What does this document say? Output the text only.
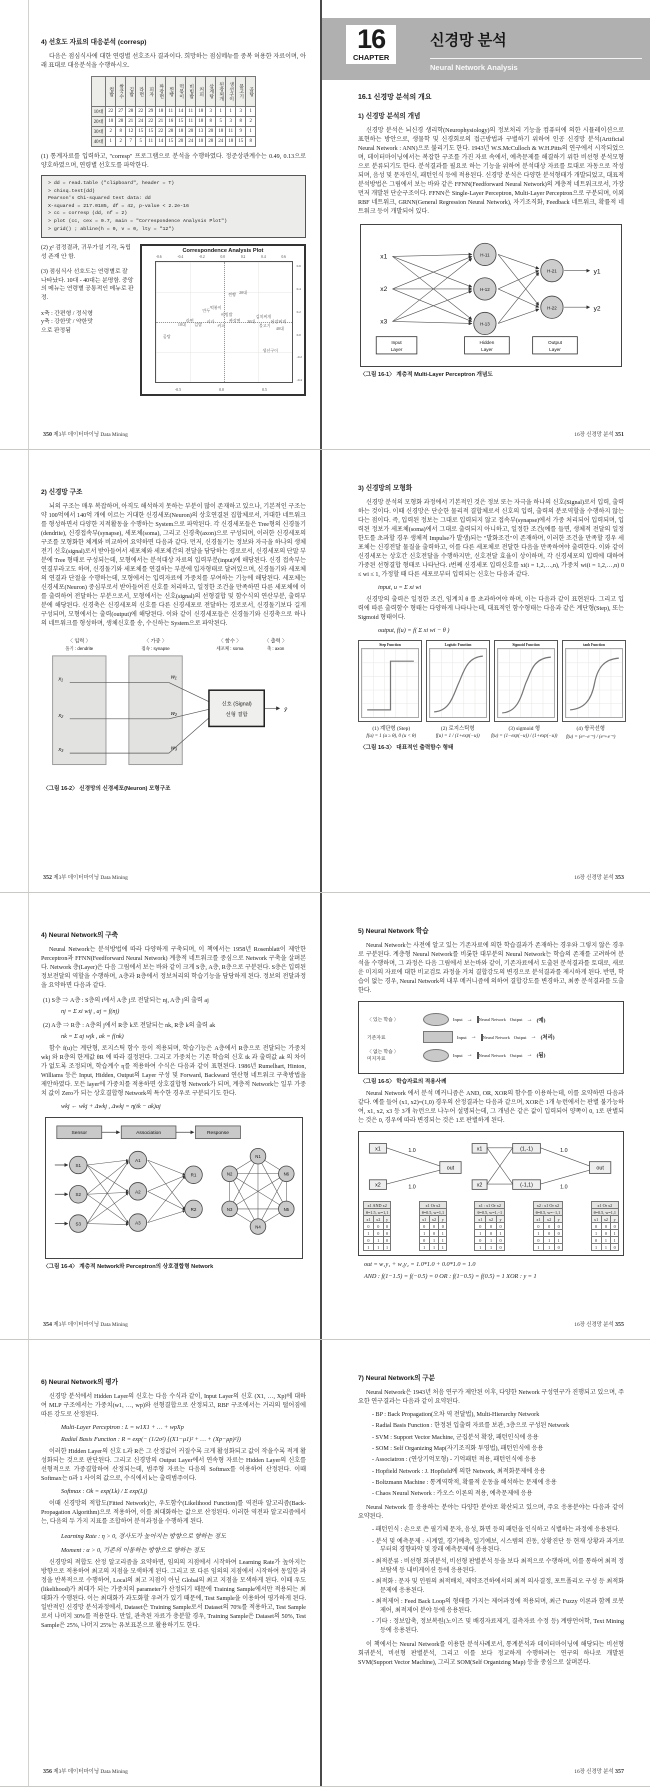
4) 선호도 자료의 대응분석 (corresp)
다음은 점심식사에 대한 연령별 선호조사 결과이다. 희망하는 점심메뉴를 중복 허용한 자료이며, 아래 표대로 대응분석을 수행하시오.
	컵밥	쌀국수	김밥	라면	피자	짜장면	찐빵	떡볶이	비빔밥	커피	삼계탕	된장찌개	생선구이	불고기	곰탕
10대	22	27	28	22	29	18	11	14	11	18	3	1	1	3	1
20대	10	28	21	24	22	21	16	15	11	18	8	5	3	8	2
30대	2	8	12	15	15	22	28	18	20	13	20	18	11	9	1
40대	1	2	7	5	11	14	15	20	24	10	28	24	18	15	8
(1) 통계자료를 입력하고, "corresp" 프로그램으로 분석을 수행하였다. 정준상관계수는 0.49, 0.13으로 양호하였으며, 연령별 선호도를 파악한다.
> dd = read.table ("clipboard", header = T)
> chisq.test(dd)
Pearson's Chi-squared test data: dd
X-squared = 217.0185, df = 42, p-value < 2.2e-16
> cc = corresp (dd, nf = 2)
> plot (cc, cex = 0.7, main = "Correspondence Analysis Plot")
> grid() ; abline(h = 0, v = 0, lty = "12")
(2) χ² 검정결과, 귀무가설 기각, 독립성 존재 안 함.
(3) 점심식사 선호도는 연령별로 잘 나타났다. 10대 - 40대는 분명함. 중앙의 메뉴는 연령별 공통적인 메뉴로 판정.
x축 : 간편형 / 정식형
y축 : 강한맛 / 약한맛
으로 판정됨
Correspondence Analysis Plot
-0.6	-0.4	-0.2	0.0	0.2	0.4	0.6
찐빵 20대
떡볶이
만두
비빔밥
라면
10대 김밥 피자
커피
짜장면 30대
김치찌개
불고기
된장찌개
40대
곰탕
생선구이
0.6
0.4
0.2
0.0
-0.2
-0.4
-0.5	0.0	0.5
350 제3부 데이터마이닝 Data Mining
16
CHAPTER
신경망 분석
Neural Network Analysis
16.1 신경망 분석의 개요
1) 신경망 분석의 개념
신경망 분석은 뇌신경 생리학(Neurophysiology)의 정보처리 기능을 컴퓨터에 의한 시뮬레이션으로 표현하는 방안으로, 생물학 및 신경회로의 접근방법과 구별하기 위하여 인공 신경망 분석(Artificial Neural Network : ANN)으로 불리기도 한다. 1943년 W.S.McCulloch & W.H.Pitts의 연구에서 시작되었으며, 데이터마이닝에서는 복잡한 구조를 가진 자료 속에서, 예측문제를 해결하기 위한 비선형 분석모형으로 분류되기도 한다. 분석결과를 필요로 하는 기능을 위하여 분석대상 자료를 토대로 자동으로 작성되며, 음성 및 문자인식, 패턴인식 등에 적용된다. 신경망 분석은 다양한 분석형태가 개발되었고, 대표적 분석방법은 그림에서 보는 바와 같은 FFNN(Feedforward Neural Network)의 계층적 네트워크로서, 가장 먼저 개발된 단순구조이다. FFNN은 Single-Layer Perceptron, Multi-Layer Perceptron으로 구분되며, 이외 RBF 네트워크, GRNN(General Regression Neural Network), 자기조직화, Feedback 네트워크, 확률적 네트워크 등이 개발되어 있다.
x1
x2
x3
y1
y2
H-11
H-12
H-13
H-21
H-22
Input
Layer
Hidden
Layer
Output
Layer
〈그림 16-1〉 계층적 Multi-Layer Perceptron 개념도
16장 신경망 분석 351
2) 신경망 구조
뇌의 구조는 매우 복잡하며, 아직도 해석하지 못하는 부분이 많이 존재하고 있으나, 기본적인 구조는 약 100억에서 140억 개에 이르는 거대한 신경세포(Neuron)의 상호연결된 집합체로서, 거대한 네트워크를 형성하면서 다양한 지적활동을 수행하는 System으로 파악된다. 각 신경세포들은 Tree형의 신경돌기(dendrite), 신경접속부(synapse), 세포체(soma), 그리고 신경축(axon)으로 구성되며, 이러한 신경세포의 구조를 모형화한 체계와 비교하여 요약하면 다음과 같다. 먼저, 신경돌기는 정보와 자극을 하나의 생체전기 신호(signal)로서 받아들여서 세포체와 세포체간의 전달을 담당하는 경로로서, 신경세포의 단말 부분에 Tree 형태로 구성되는데, 모형에서는 분석대상 자료의 입력부분(input)에 해당된다. 신경 접속부는 연결부라고도 하며, 신경돌기와 세포체를 연결하는 부분에 입자형태로 달려있으며, 신경돌기와 세포체의 연결과 단절을 수행하는데, 모형에서는 입력자료에 가중치를 부여하는 기능에 해당된다. 세포체는 신경세포(Neuron) 중심부로서 받아들여진 신호를 처리하고, 일정한 조건을 만족하면 다른 세포체에 이를 출력하여 전달하는 부분으로서, 모형에서는 신호(signal)의 선형결합 및 함수식의 연산부분, 출력부분에 해당된다. 신경축은 신경세포의 신호를 다른 신경세포로 전달하는 경로로서, 신경돌기보다 길게 구성되며, 모형에서는 출력(output)에 해당된다. 이와 같이 신경세포들은 신경돌기와 신경축으로 하나의 네트워크를 형성하며, 생체신호를 송, 수신하는 System으로 파악된다.
〈 입력 〉
돌기 : dendrite
〈 가중 〉
접속 : synapse
〈 함수 〉
세포체 : soma
〈 출력 〉
축 : axon
x₁
x₂
x₃
w₁
w₂
w₃
ŷ
신호 (Signal)
선형 결합
〈그림 16-2〉 신경망의 신경세포(Neuron) 모형구조
352 제3부 데이터마이닝 Data Mining
3) 신경망의 모형화
신경망 분석의 모형화 과정에서 기본적인 것은 정보 또는 자극을 하나의 신호(Signal)로서 입력, 출력하는 것이다. 이때 신경망은 단순한 물리적 결합체로서 신호의 입력, 출력의 분로역할을 수행하지 않는다는 점이다. 즉, 입력된 정보는 그대로 입력되지 않고 접속부(synapse)에서 가중 처리되어 입력되며, 입력된 정보가 세포체(soma)에서 그대로 출력되지 아니하고, 일정한 조건(예를 들면, 생체적 전달의 일정 한도를 초과할 경우 생체적 Impulse가 발생)되는 "발화조건"이 존재하며, 이러한 조건을 만족할 경우 세포체는 신경전달 물질을 출력하고, 이를 다른 세포체로 전달한 다음을 만족하여야 출력한다. 이와 같이 신경세포는 상호간 신호전달을 수행하지만, 신호전달 효율이 상이하며, 각 신경세포의 입력에 대하여 가중된 선형결합 형태로 나타난다. i번째 신경세포 입력신호를 xi(i = 1,2,…,n), 가중치 wi(i = 1,2,…,n) 0 ≤ wi ≤ 1, 가정할 때 다른 세포로부터 입력되는 신호는 다음과 같다.
input, u = Σ xi wi
신경망의 출력은 일정한 조건, 임계치 θ 를 초과하여야 하며, 이는 다음과 같이 표현된다. 그리고 입력에 따른 출력함수 형태는 다양하게 나타나는데, 대표적인 함수형태는 다음과 같은 계단형(Step), 또는 Sigmoid 형태이다.
output, f(u) = f( Σ xi wi − θ )
Step Function	Logistic Function	Sigmoid Function	tanh Function
(1) 계단형 (Step)	(2) 로지스틱형	(3) sigmoid 형	(4) 쌍곡선형
f(u) = 1 (u ≥ θ), 0 (u < θ)	f(u) = 1 / (1+exp(−u))	f(u) = (1−exp(−u)) / (1+exp(−u))	f(u) = (eᵘ−e⁻ᵘ) / (eᵘ+e⁻ᵘ)
〈그림 16-3〉 대표적인 출력함수 형태
16장 신경망 분석 353
4) Neural Network의 구축
Neural Network는 분석방법에 따라 다양하게 구축되며, 이 책에서는 1958년 Rosenblatt이 제안한 Perceptron과 FFNN(Feedforward Neural Network) 계층적 네트워크를 중심으로 Network 구축을 살펴본다. Network 층(Layer)은 다음 그림에서 보는 바와 같이 크게 S층, A층, R층으로 구분된다. S층은 입력된 정보전달의 역할을 수행하며, A층과 R층에서 정보처리의 학습기능을 담당하게 된다. 정보의 전달과정을 요약하면 다음과 같다.
(1) S층 ⇒ A층 : S층의 i에서 A층 j로 전달되는 nj, A층 j의 출력 aj
nj = Σ xi wij , aj = f(nj)
(2) A층 ⇒ R층 : A층의 j에서 R층 k로 전달되는 nk, R층 k의 출력 ak
nk = Σ aj wjk , ak = f(nk)
함수 f(u)는 계단형, 로지스틱 함수 등이 적용되며, 학습기능은 A층에서 R층으로 전달되는 가중치 wkj 와 R층의 한계값 θR 에 따라 결정된다. 그리고 가중치는 기존 학습의 신호 tk 과 출력값 ak 의 차이가 없도록 조정되며, 학습계수 η를 적용하여 수식은 다음과 같이 표현된다. 1986년 Rumelhart, Hinton, Williams 등은 Input, Hidden, Output의 Layer 구성 및 Forward, Backward 연산형 네트워크 구축방법을 제안하였다. 모든 layer에 가중치를 적용하면 상호결합형 Network가 되며, 계층적 Network는 일부 가중치 값이 Zero가 되는 상호결합형 Network의 특수한 경우로 구분되기도 한다.
wkj ← wkj + Δwkj , Δwkj = η(tk − ak)aj
Sensor	Association	Response
S1
S2
S3
A1
A2
A3
R1
R2
N1
N2
N3
N4
N5
N6
〈그림 16-4〉 계층적 Network와 Perceptron의 상호결합형 Network
354 제3부 데이터마이닝 Data Mining
5) Neural Network 학습
Neural Network는 사전에 알고 있는 기존자료에 의한 학습결과가 존재하는 경우와 그렇지 않은 경우로 구분된다. 계층형 Neural Network를 비롯한 대부분의 Neural Network는 학습의 존재를 고려하여 분석을 수행하며, 그 과정은 다음 그림에서 보는바와 같이, 기존자료에서 도출된 분석결과를 토대로, 새로운 미지의 자료에 대한 비교검토 과정을 거쳐 결합강도의 변경으로 분석결과를 제시하게 된다. 반면, 학습이 없는 경우, Neural Network의 내부 메커니즘에 의하여 결합강도를 변경하고, 최종 분석결과를 도출한다.
〈 있는 학습 〉	Input →	Neural Network Output → (예)
기존자료	Input →	Neural Network Output → (처리)
〈 없는 학습 〉
미지자료
Input →	Neural Network Output → (됨)
〈그림 16-5〉 학습자료의 적용사례
Neural Network 에서 분석 메커니즘은 AND, OR, XOR의 함수를 이용하는데, 이를 요약하면 다음과 같다. 예를 들어 (x1, x2)=(1,0) 경우의 산정결과는 다음과 같으며, XOR은 1개 뉴런에서는 판별 불가능하여, x1, x2, x3 등 3개 뉴런으로 나누어 설명되는데, 그 개념은 같은 값이 입력되어 양쪽이 0, 1로 판별되는 것은 0, 경우에 따라 변경되는 것은 1로 판별하게 된다.
x1
x2
out
1.0
1.0
x1
x2
(1,-1)
(-1,1)
out
1.0
1.0
x1 AND x2		
θ=1.5, w=1,1		
x1	x2	y
0	0	0
1	0	0
0	1	0
1	1	1
x1 Or x2		
θ=0.5, w=1,1		
x1	x2	y
0	0	0
1	0	1
0	1	1
1	1	1
x1 : x1 Or x2		
θ=0.5, w=1,−1		
x1	x2	y
0	0	0
1	0	1
0	1	0
1	1	0
x2 : x1 Or x2		
θ=0.5, w=−1,1		
x1	x2	y
0	0	0
1	0	0
0	1	1
1	1	0
x1 Or x2		
θ=0.5, w=1,1		
x1	x2	y
0	0	0
1	0	1
0	1	1
1	1	0
out = w₁y₁ + w₂y₂ = 1.0*1.0 + 0.0*1.0 = 1.0
AND : f(1−1.5) = f(−0.5) = 0 OR : f(1−0.5) = f(0.5) = 1 XOR : y = 1
16장 신경망 분석 355
6) Neural Network의 평가
신경망 분석에서 Hidden Layer의 신호는 다음 수식과 같이, Input Layer의 신호 (X1, …, Xp)에 대하여 MLP 구조에서는 가중치(w1, …, wp)와 선형결합으로 산정되고, RBF 구조에서는 거리의 떨어짐에 따른 강도로 산정된다.
Multi-Layer Perceptron : L = w1X1 + … + wpXp
Radial Basis Function : R = exp(− (1/2σ²) {(X1−μ1)² + … + (Xp−μp)²})
이러한 Hidden Layer의 신호 L과 R은 그 산정값이 커질수록 크게 활성화되고 값이 작을수록 적게 활성화되는 것으로 판단된다. 그리고 신경망의 Output Layer에서 연속형 자료는 Hidden Layer의 신호를 선형적으로 가중결합하여 산정되는데, 범주형 자료는 다음의 Softmax를 이용하여 산정된다. 이때 Softmax는 0과 1 사이의 값으로, 수식에서 k는 출력범주이다.
Softmax : Ok = exp(Lk) / Σ exp(Lj)
이때 신경망의 적합도(Fitted Network)는, 우도함수(Likelihood Function)를 역전파 알고리즘(Back-Propagation Algorithm)으로 적용하여, 이를 최대화하는 값으로 산정된다. 이러한 역전파 알고리즘에서는, 다음의 두 가지 지표를 조합하여 분석과정을 수행하게 된다.
Learning Rate : η > 0, 경사도가 높아지는 방향으로 향하는 정도
Moment : α > 0, 기존의 이동하는 방향으로 향하는 정도
신경망의 적합도 산정 알고리즘을 요약하면, 임의의 지점에서 시작하여 Learning Rate가 높아지는 방향으로 적용하여 최고의 지점을 모색하게 된다. 그리고 또 다른 임의의 지점에서 시작하여 동일한 과정을 반복적으로 수행하여, Local의 최고 지점이 아닌 Global의 최고 지점을 모색하게 된다. 이때 우도(likelihood)가 최대가 되는 가중치의 parameter가 산정되기 때문에 Training Sample에서만 적용되는 최대화가 수행된다. 이는 최대화가 과도화할 우려가 있기 때문에, Test Sample을 이용하여 평가하게 된다. 일반적인 신경망 분석과정에서, Dataset은 Training Sample로서 Dataset의 70%를 적용하고, Test Sample로서 나머지 30%를 적용한다. 만일, 관측된 자료가 충분할 경우, Training Sample은 Dataset의 50%, Test Sample은 25%, 나머지 25%는 유보표본으로 활용하기도 한다.
356 제3부 데이터마이닝 Data Mining
7) Neural Network의 구분
Neural Network은 1943년 처음 연구가 제안된 이후, 다양한 Network 구성연구가 진행되고 있으며, 주요한 연구결과는 다음과 같이 요약된다.
- BP : Back Propagation(오차 역 전달법), Multi-Hierarchy Network
- Radial Basis Function : 한정된 입출력 자료를 보관, 3층으로 구성된 Network
- SVM : Support Vector Machine, 군집분석 확장, 패턴인식에 응용
- SOM : Self Organizing Map(자기조직화 투영법), 패턴인식에 응용
- Associatron : (연상기억모형) - 기억패턴 적용, 패턴인식에 응용
- Hopfield Network : J. Hopfield에 의한 Network, 최적화문제에 응용
- Boltzmann Machine : 통계역학적, 확률적 운동을 해석하는 문제에 응용
- Chaos Neural Network : 카오스 이론의 적용, 예측문제에 응용
Neural Network 를 응용하는 분야는 다양한 분야로 확산되고 있으며, 주요 응용분야는 다음과 같이 요약된다.
- 패턴인식 : 손으로 쓴 필기체 문자, 음성, 화면 등의 패턴을 인식하고 식별하는 과정에 응용된다.
- 분석 및 예측문제 : 시계열, 경기예측, 일기예보, 시스템의 진동, 상황진단 등 현재 상황과 과거로부터의 경향파악 및 장래 예측문제에 응용된다.
- 최적분류 : 비선형 회귀분석, 비선형 판별분석 등을 보다 최적으로 수행하며, 이를 통하여 최적 정보탐색 등 내비게이션 등에 응용된다.
- 최적화 : 문자 및 인원의 최적배치, 제약조건하에서의 최적 의사결정, 포트폴리오 구성 등 최적화 문제에 응용된다.
- 최적제어 : Feed Back Loop의 형태를 가지는 제어과정에 적용되며, 최근 Fuzzy 이론과 함께 로봇 제어, 최적제어 분야 등에 응용된다.
- 기타 : 정보압축, 정보복원(노이즈 및 배경자료제거, 결측자료 수정 등) 계량언어학, Text Mining 등에 응용된다.
이 책에서는 Neural Network를 이용한 분석사례로서, 통계분석과 데이터마이닝에 해당되는 비선형 회귀분석, 비선형 판별분석, 그리고 이를 보다 정교하게 수행하려는 연구의 하나로 개발된 SVM(Support Vector Machine), 그리고 SOM(Self Organizing Map) 등을 중심으로 살펴본다.
16장 신경망 분석 357
